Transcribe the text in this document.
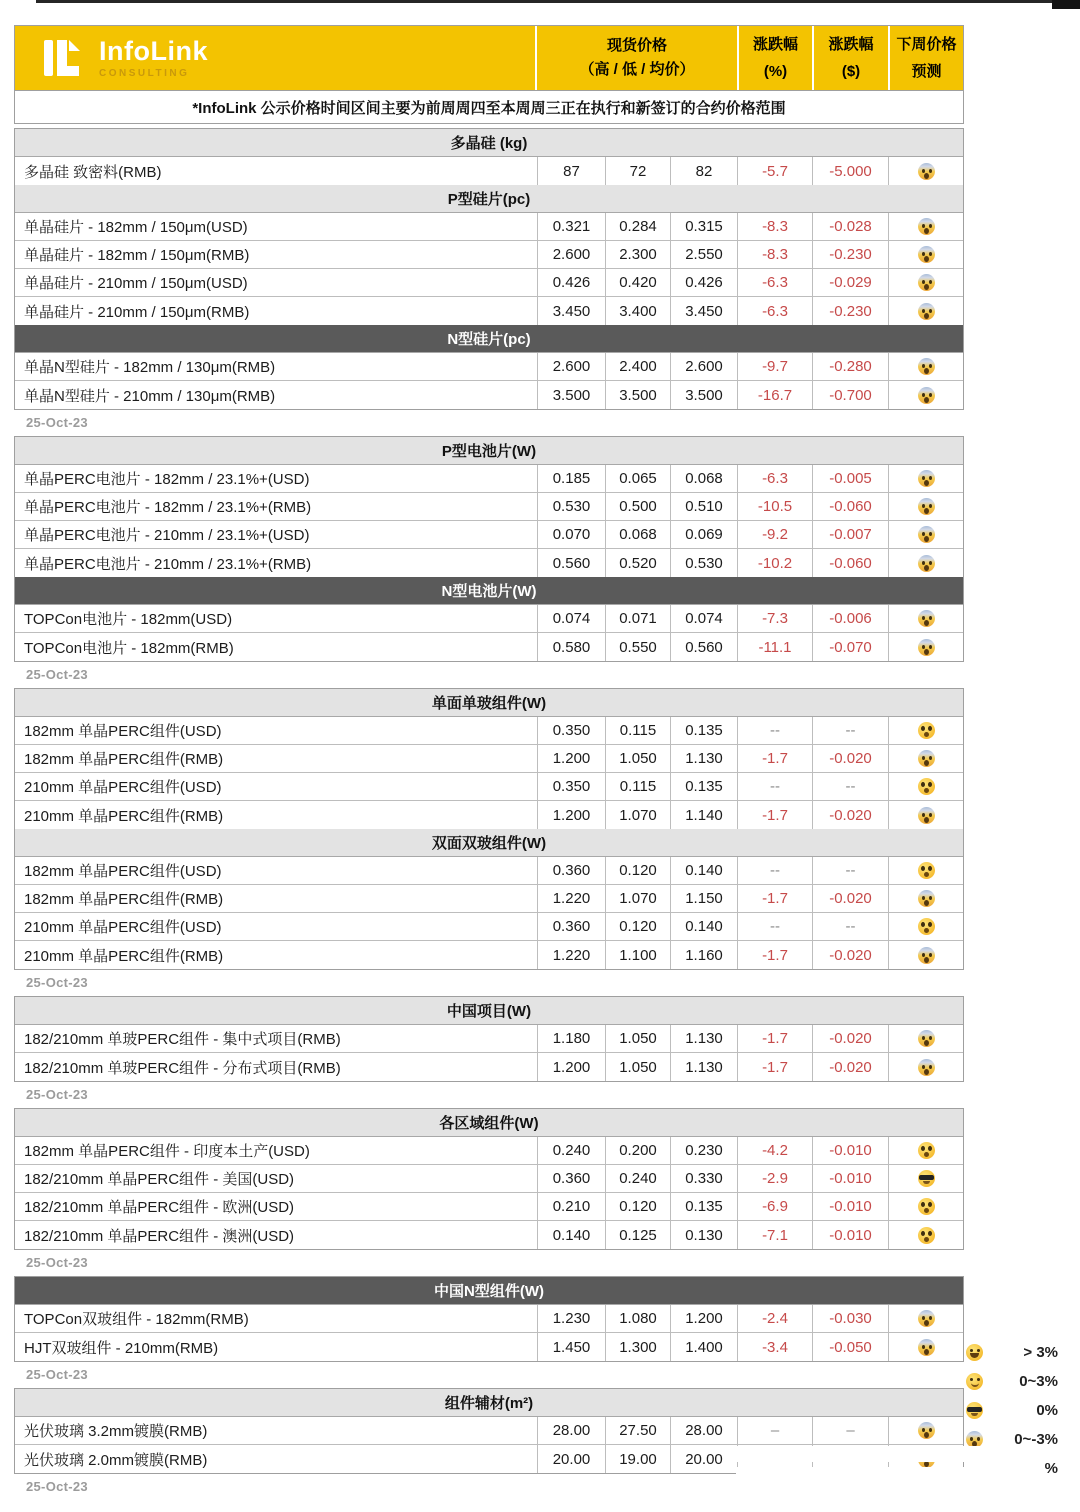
InfoLink
CONSULTING
现货价格
（高 / 低 / 均价）
涨跌幅
(%)
涨跌幅
($)
下周价格
预测
*InfoLink 公示价格时间区间主要为前周周四至本周周三正在执行和新签订的合约价格范围
多晶硅 (kg)
多晶硅 致密料(RMB)	87	72	82	-5.7	-5.000
P型硅片(pc)
单晶硅片 - 182mm / 150μm(USD)	0.321	0.284	0.315	-8.3	-0.028
单晶硅片 - 182mm / 150μm(RMB)	2.600	2.300	2.550	-8.3	-0.230
单晶硅片 - 210mm / 150μm(USD)	0.426	0.420	0.426	-6.3	-0.029
单晶硅片 - 210mm / 150μm(RMB)	3.450	3.400	3.450	-6.3	-0.230
N型硅片(pc)
单晶N型硅片 - 182mm / 130μm(RMB)	2.600	2.400	2.600	-9.7	-0.280
单晶N型硅片 - 210mm / 130μm(RMB)	3.500	3.500	3.500	-16.7	-0.700
25-Oct-23
P型电池片(W)
单晶PERC电池片 - 182mm / 23.1%+(USD)	0.185	0.065	0.068	-6.3	-0.005
单晶PERC电池片 - 182mm / 23.1%+(RMB)	0.530	0.500	0.510	-10.5	-0.060
单晶PERC电池片 - 210mm / 23.1%+(USD)	0.070	0.068	0.069	-9.2	-0.007
单晶PERC电池片 - 210mm / 23.1%+(RMB)	0.560	0.520	0.530	-10.2	-0.060
N型电池片(W)
TOPCon电池片 - 182mm(USD)	0.074	0.071	0.074	-7.3	-0.006
TOPCon电池片 - 182mm(RMB)	0.580	0.550	0.560	-11.1	-0.070
25-Oct-23
单面单玻组件(W)
182mm 单晶PERC组件(USD)	0.350	0.115	0.135	--	--
182mm 单晶PERC组件(RMB)	1.200	1.050	1.130	-1.7	-0.020
210mm 单晶PERC组件(USD)	0.350	0.115	0.135	--	--
210mm 单晶PERC组件(RMB)	1.200	1.070	1.140	-1.7	-0.020
双面双玻组件(W)
182mm 单晶PERC组件(USD)	0.360	0.120	0.140	--	--
182mm 单晶PERC组件(RMB)	1.220	1.070	1.150	-1.7	-0.020
210mm 单晶PERC组件(USD)	0.360	0.120	0.140	--	--
210mm 单晶PERC组件(RMB)	1.220	1.100	1.160	-1.7	-0.020
25-Oct-23
中国项目(W)
182/210mm 单玻PERC组件 - 集中式项目(RMB)	1.180	1.050	1.130	-1.7	-0.020
182/210mm 单玻PERC组件 - 分布式项目(RMB)	1.200	1.050	1.130	-1.7	-0.020
25-Oct-23
各区域组件(W)
182mm 单晶PERC组件 - 印度本土产(USD)	0.240	0.200	0.230	-4.2	-0.010
182/210mm 单晶PERC组件 - 美国(USD)	0.360	0.240	0.330	-2.9	-0.010
182/210mm 单晶PERC组件 - 欧洲(USD)	0.210	0.120	0.135	-6.9	-0.010
182/210mm 单晶PERC组件 - 澳洲(USD)	0.140	0.125	0.130	-7.1	-0.010
25-Oct-23
中国N型组件(W)
TOPCon双玻组件 - 182mm(RMB)	1.230	1.080	1.200	-2.4	-0.030
HJT双玻组件 - 210mm(RMB)	1.450	1.300	1.400	-3.4	-0.050
25-Oct-23
组件辅材(m²)
光伏玻璃 3.2mm镀膜(RMB)	28.00	27.50	28.00	–	–
光伏玻璃 2.0mm镀膜(RMB)	20.00	19.00	20.00
25-Oct-23
> 3%
0~3%
0%
0~-3%
%
